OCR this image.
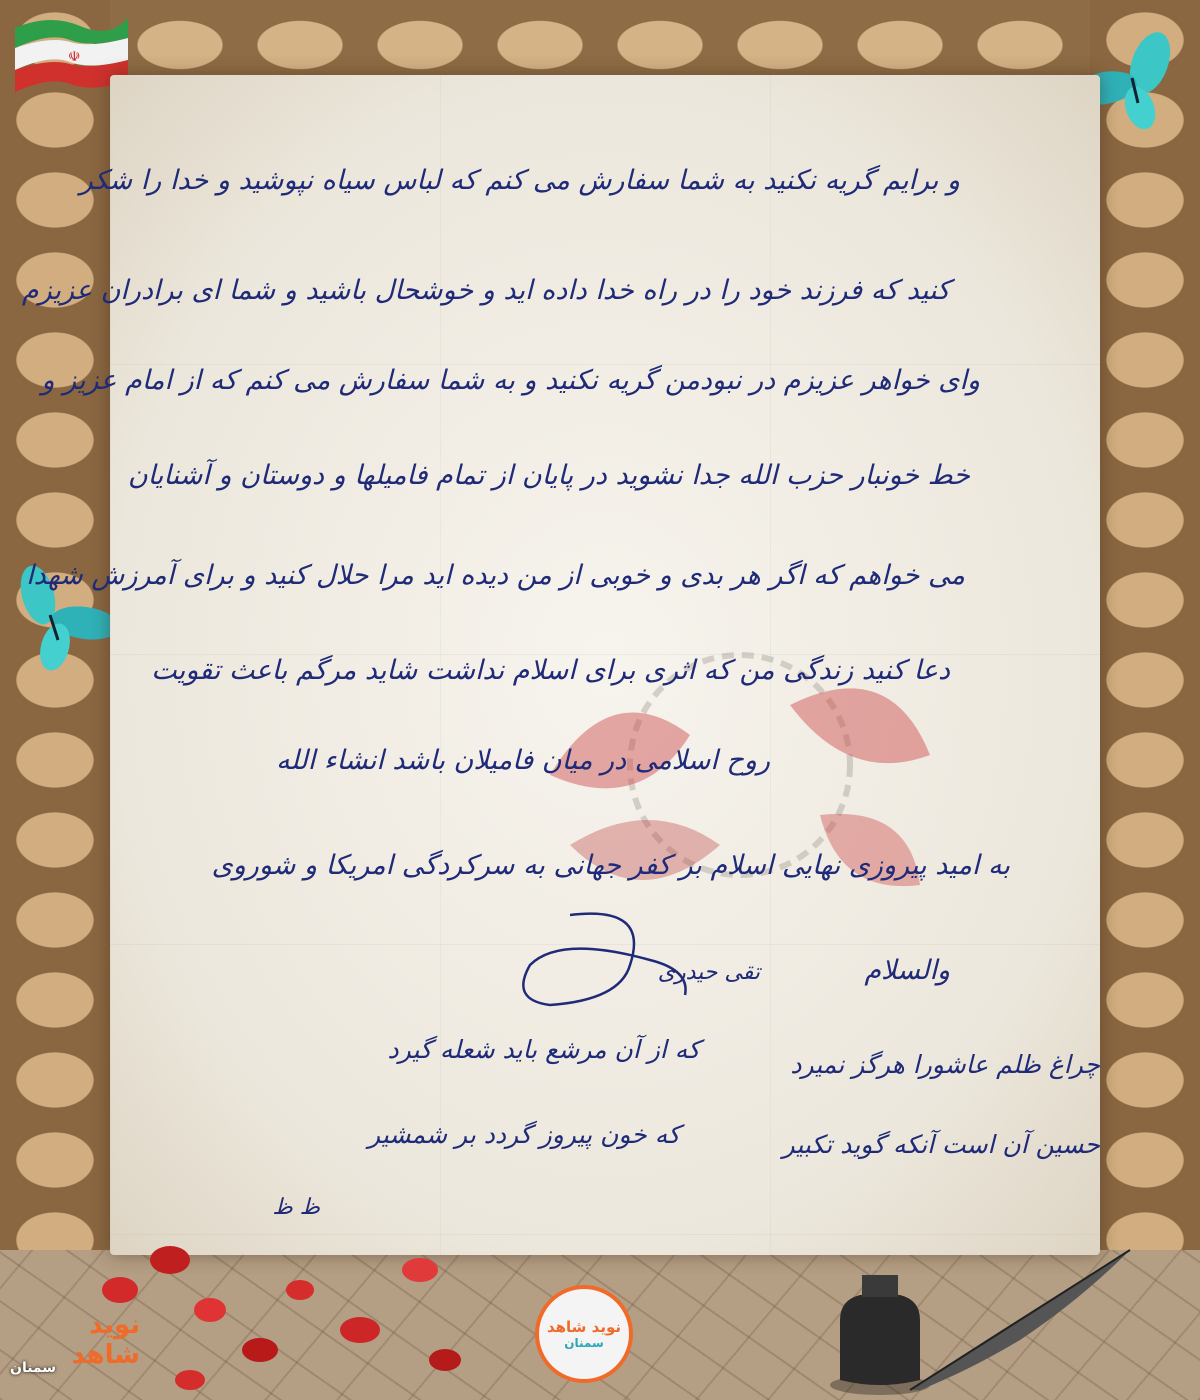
☫
و برایم گریه نکنید به شما سفارش می کنم که لباس سیاه نپوشید و خدا را شکر
کنید که فرزند خود را در راه خدا داده اید و خوشحال باشید و شما ای برادران عزیزم
وای خواهر عزیزم در نبودمن گریه نکنید و به شما سفارش می کنم که از امام عزیز و
خط خونبار حزب الله جدا نشوید در پایان از تمام فامیلها و دوستان و آشنایان
می خواهم که اگر هر بدی و خوبی از من دیده اید مرا حلال کنید و برای آمرزش شهدا
دعا کنید زندگی من که اثری برای اسلام نداشت شاید مرگم باعث تقویت
روح اسلامی در میان فامیلان باشد انشاء الله
به امید پیروزی نهایی اسلام بر کفر جهانی به سرکردگی امریکا و شوروی
والسلام
تقی حیدری
چراغ ظلم عاشورا هرگز نمیرد
که از آن مرشع باید شعله گیرد
حسین آن است آنکه گوید تکبیر
که خون پیروز گردد بر شمشیر
ظ ظ
نوید شاهد
سمنان
نوید شاهد
سمنان
